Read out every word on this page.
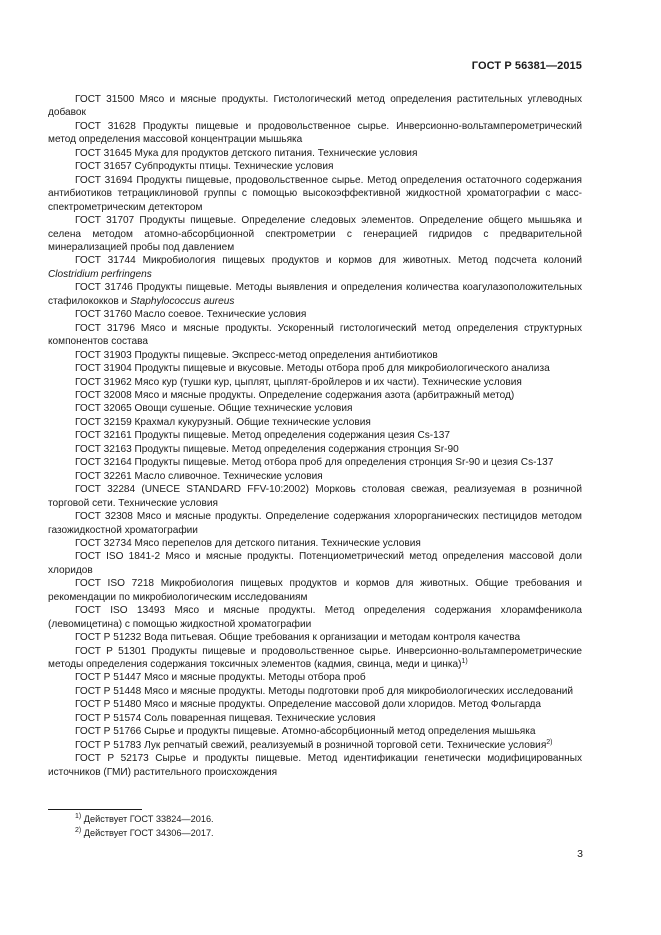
ГОСТ Р 56381—2015

ГОСТ 31500 Мясо и мясные продукты. Гистологический метод определения растительных углеводных добавок

ГОСТ 31628 Продукты пищевые и продовольственное сырье. Инверсионно-вольтамперометрический метод определения массовой концентрации мышьяка

ГОСТ 31645 Мука для продуктов детского питания. Технические условия

ГОСТ 31657 Субпродукты птицы. Технические условия

ГОСТ 31694 Продукты пищевые, продовольственное сырье. Метод определения остаточного содержания антибиотиков тетрациклиновой группы с помощью высокоэффективной жидкостной хроматографии с масс-спектрометрическим детектором

ГОСТ 31707 Продукты пищевые. Определение следовых элементов. Определение общего мышьяка и селена методом атомно-абсорбционной спектрометрии с генерацией гидридов с предварительной минерализацией пробы под давлением

ГОСТ 31744 Микробиология пищевых продуктов и кормов для животных. Метод подсчета колоний Clostridium perfringens

ГОСТ 31746 Продукты пищевые. Методы выявления и определения количества коагулазоположительных стафилококков и Staphylococcus aureus

ГОСТ 31760 Масло соевое. Технические условия

ГОСТ 31796 Мясо и мясные продукты. Ускоренный гистологический метод определения структурных компонентов состава

ГОСТ 31903 Продукты пищевые. Экспресс-метод определения антибиотиков

ГОСТ 31904 Продукты пищевые и вкусовые. Методы отбора проб для микробиологического анализа

ГОСТ 31962 Мясо кур (тушки кур, цыплят, цыплят-бройлеров и их части). Технические условия

ГОСТ 32008 Мясо и мясные продукты. Определение содержания азота (арбитражный метод)

ГОСТ 32065 Овощи сушеные. Общие технические условия

ГОСТ 32159 Крахмал кукурузный. Общие технические условия

ГОСТ 32161 Продукты пищевые. Метод определения содержания цезия Cs-137

ГОСТ 32163 Продукты пищевые. Метод определения содержания стронция Sr-90

ГОСТ 32164 Продукты пищевые. Метод отбора проб для определения стронция Sr-90 и цезия Cs-137

ГОСТ 32261 Масло сливочное. Технические условия

ГОСТ 32284 (UNECE STANDARD FFV-10:2002) Морковь столовая свежая, реализуемая в розничной торговой сети. Технические условия

ГОСТ 32308 Мясо и мясные продукты. Определение содержания хлорорганических пестицидов методом газожидкостной хроматографии

ГОСТ 32734 Мясо перепелов для детского питания. Технические условия

ГОСТ ISO 1841-2 Мясо и мясные продукты. Потенциометрический метод определения массовой доли хлоридов

ГОСТ ISO 7218 Микробиология пищевых продуктов и кормов для животных. Общие требования и рекомендации по микробиологическим исследованиям

ГОСТ ISO 13493 Мясо и мясные продукты. Метод определения содержания хлорамфеникола (левомицетина) с помощью жидкостной хроматографии

ГОСТ Р 51232 Вода питьевая. Общие требования к организации и методам контроля качества

ГОСТ Р 51301 Продукты пищевые и продовольственное сырье. Инверсионно-вольтамперометрические методы определения содержания токсичных элементов (кадмия, свинца, меди и цинка)$^{1)}$

ГОСТ Р 51447 Мясо и мясные продукты. Методы отбора проб

ГОСТ Р 51448 Мясо и мясные продукты. Методы подготовки проб для микробиологических исследований

ГОСТ Р 51480 Мясо и мясные продукты. Определение массовой доли хлоридов. Метод Фольгарда

ГОСТ Р 51574 Соль поваренная пищевая. Технические условия

ГОСТ Р 51766 Сырье и продукты пищевые. Атомно-абсорбционный метод определения мышьяка

ГОСТ Р 51783 Лук репчатый свежий, реализуемый в розничной торговой сети. Технические условия$^{2)}$

ГОСТ Р 52173 Сырье и продукты пищевые. Метод идентификации генетически модифицированных источников (ГМИ) растительного происхождения

$^{1)}$ Действует ГОСТ 33824—2016.

$^{2)}$ Действует ГОСТ 34306—2017.

3
